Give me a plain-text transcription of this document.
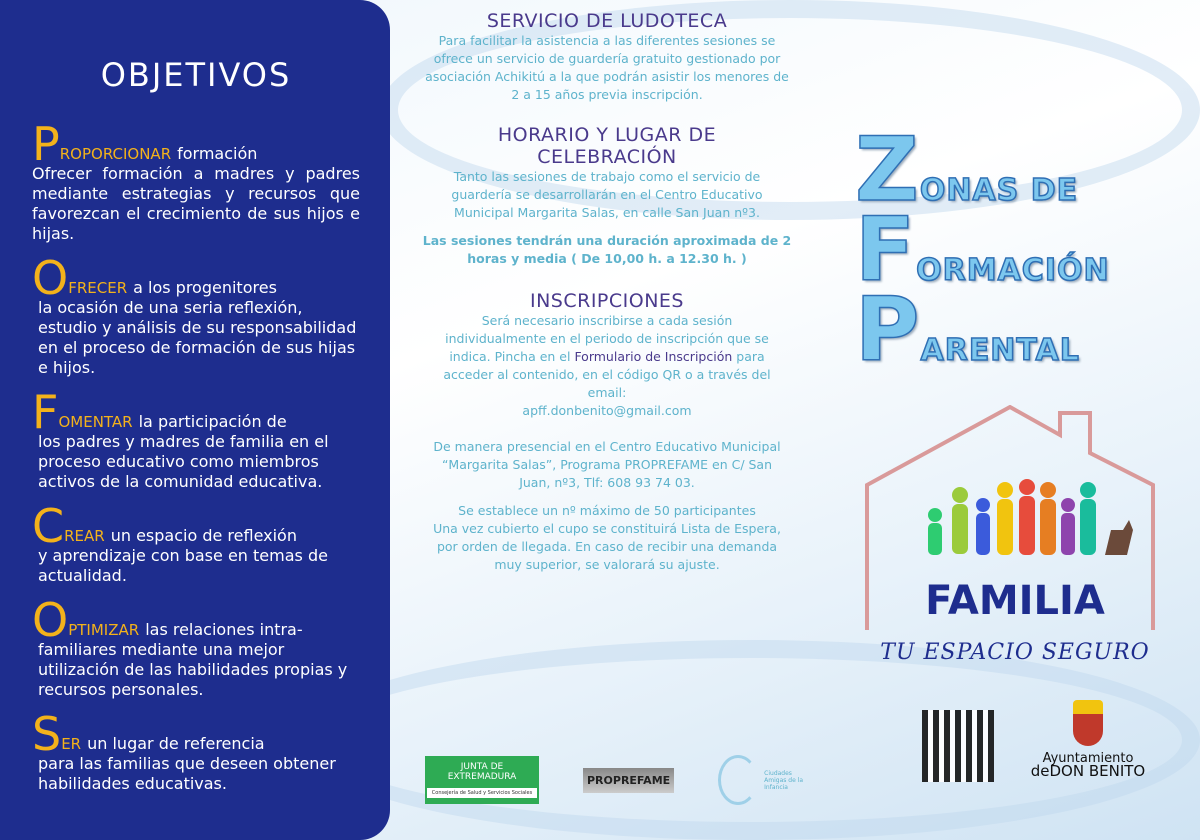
OBJETIVOS
P ROPORCIONAR formación

Ofrecer formación a madres y padres mediante estrategias y recursos que favorezcan el crecimiento de sus hijos e hijas.

O FRECER a los progenitores

la ocasión de una seria reflexión, estudio y análisis de su responsabilidad en el proceso de formación de sus hijas e hijos.

F OMENTAR la participación de

los padres y madres de familia en el proceso educativo como miembros activos de la comunidad educativa.

C REAR un espacio de reflexión

y aprendizaje con base en temas de actualidad.

O PTIMIZAR las relaciones intra-

familiares mediante una mejor utilización de las habilidades propias y recursos personales.

S ER un lugar de referencia

para las familias que deseen obtener habilidades educativas.

SERVICIO DE LUDOTECA

Para facilitar la asistencia a las diferentes sesiones se ofrece un servicio de guardería gratuito gestionado por asociación Achikitú a la que podrán asistir los menores de 2 a 15 años previa inscripción.

HORARIO Y LUGAR DE CELEBRACIÓN

Tanto las sesiones de trabajo como el servicio de guardería se desarrollarán en el Centro Educativo Municipal Margarita Salas, en calle San Juan nº3.

Las sesiones tendrán una duración aproximada de 2 horas y media ( De 10,00 h. a 12.30 h. )

INSCRIPCIONES

Será necesario inscribirse a cada sesión individualmente en el periodo de inscripción que se indica. Pincha en el Formulario de Inscripción para acceder al contenido, en el código QR o a través del email:
apff.donbenito@gmail.com

De manera presencial en el Centro Educativo Municipal “Margarita Salas”, Programa PROPREFAME en C/ San Juan, nº3, Tlf: 608 93 74 03.

Se establece un nº máximo de 50 participantes

Una vez cubierto el cupo se constituirá Lista de Espera, por orden de llegada. En caso de recibir una demanda muy superior, se valorará su ajuste.

ZONAS DE
FORMACIÓN
PARENTAL
FAMILIA
TU ESPACIO SEGURO
Ayuntamiento
deDON BENITO
JUNTA DE EXTREMADURA
Consejería de Salud y Servicios Sociales
PROPREFAME
Ciudades Amigas de la Infancia
